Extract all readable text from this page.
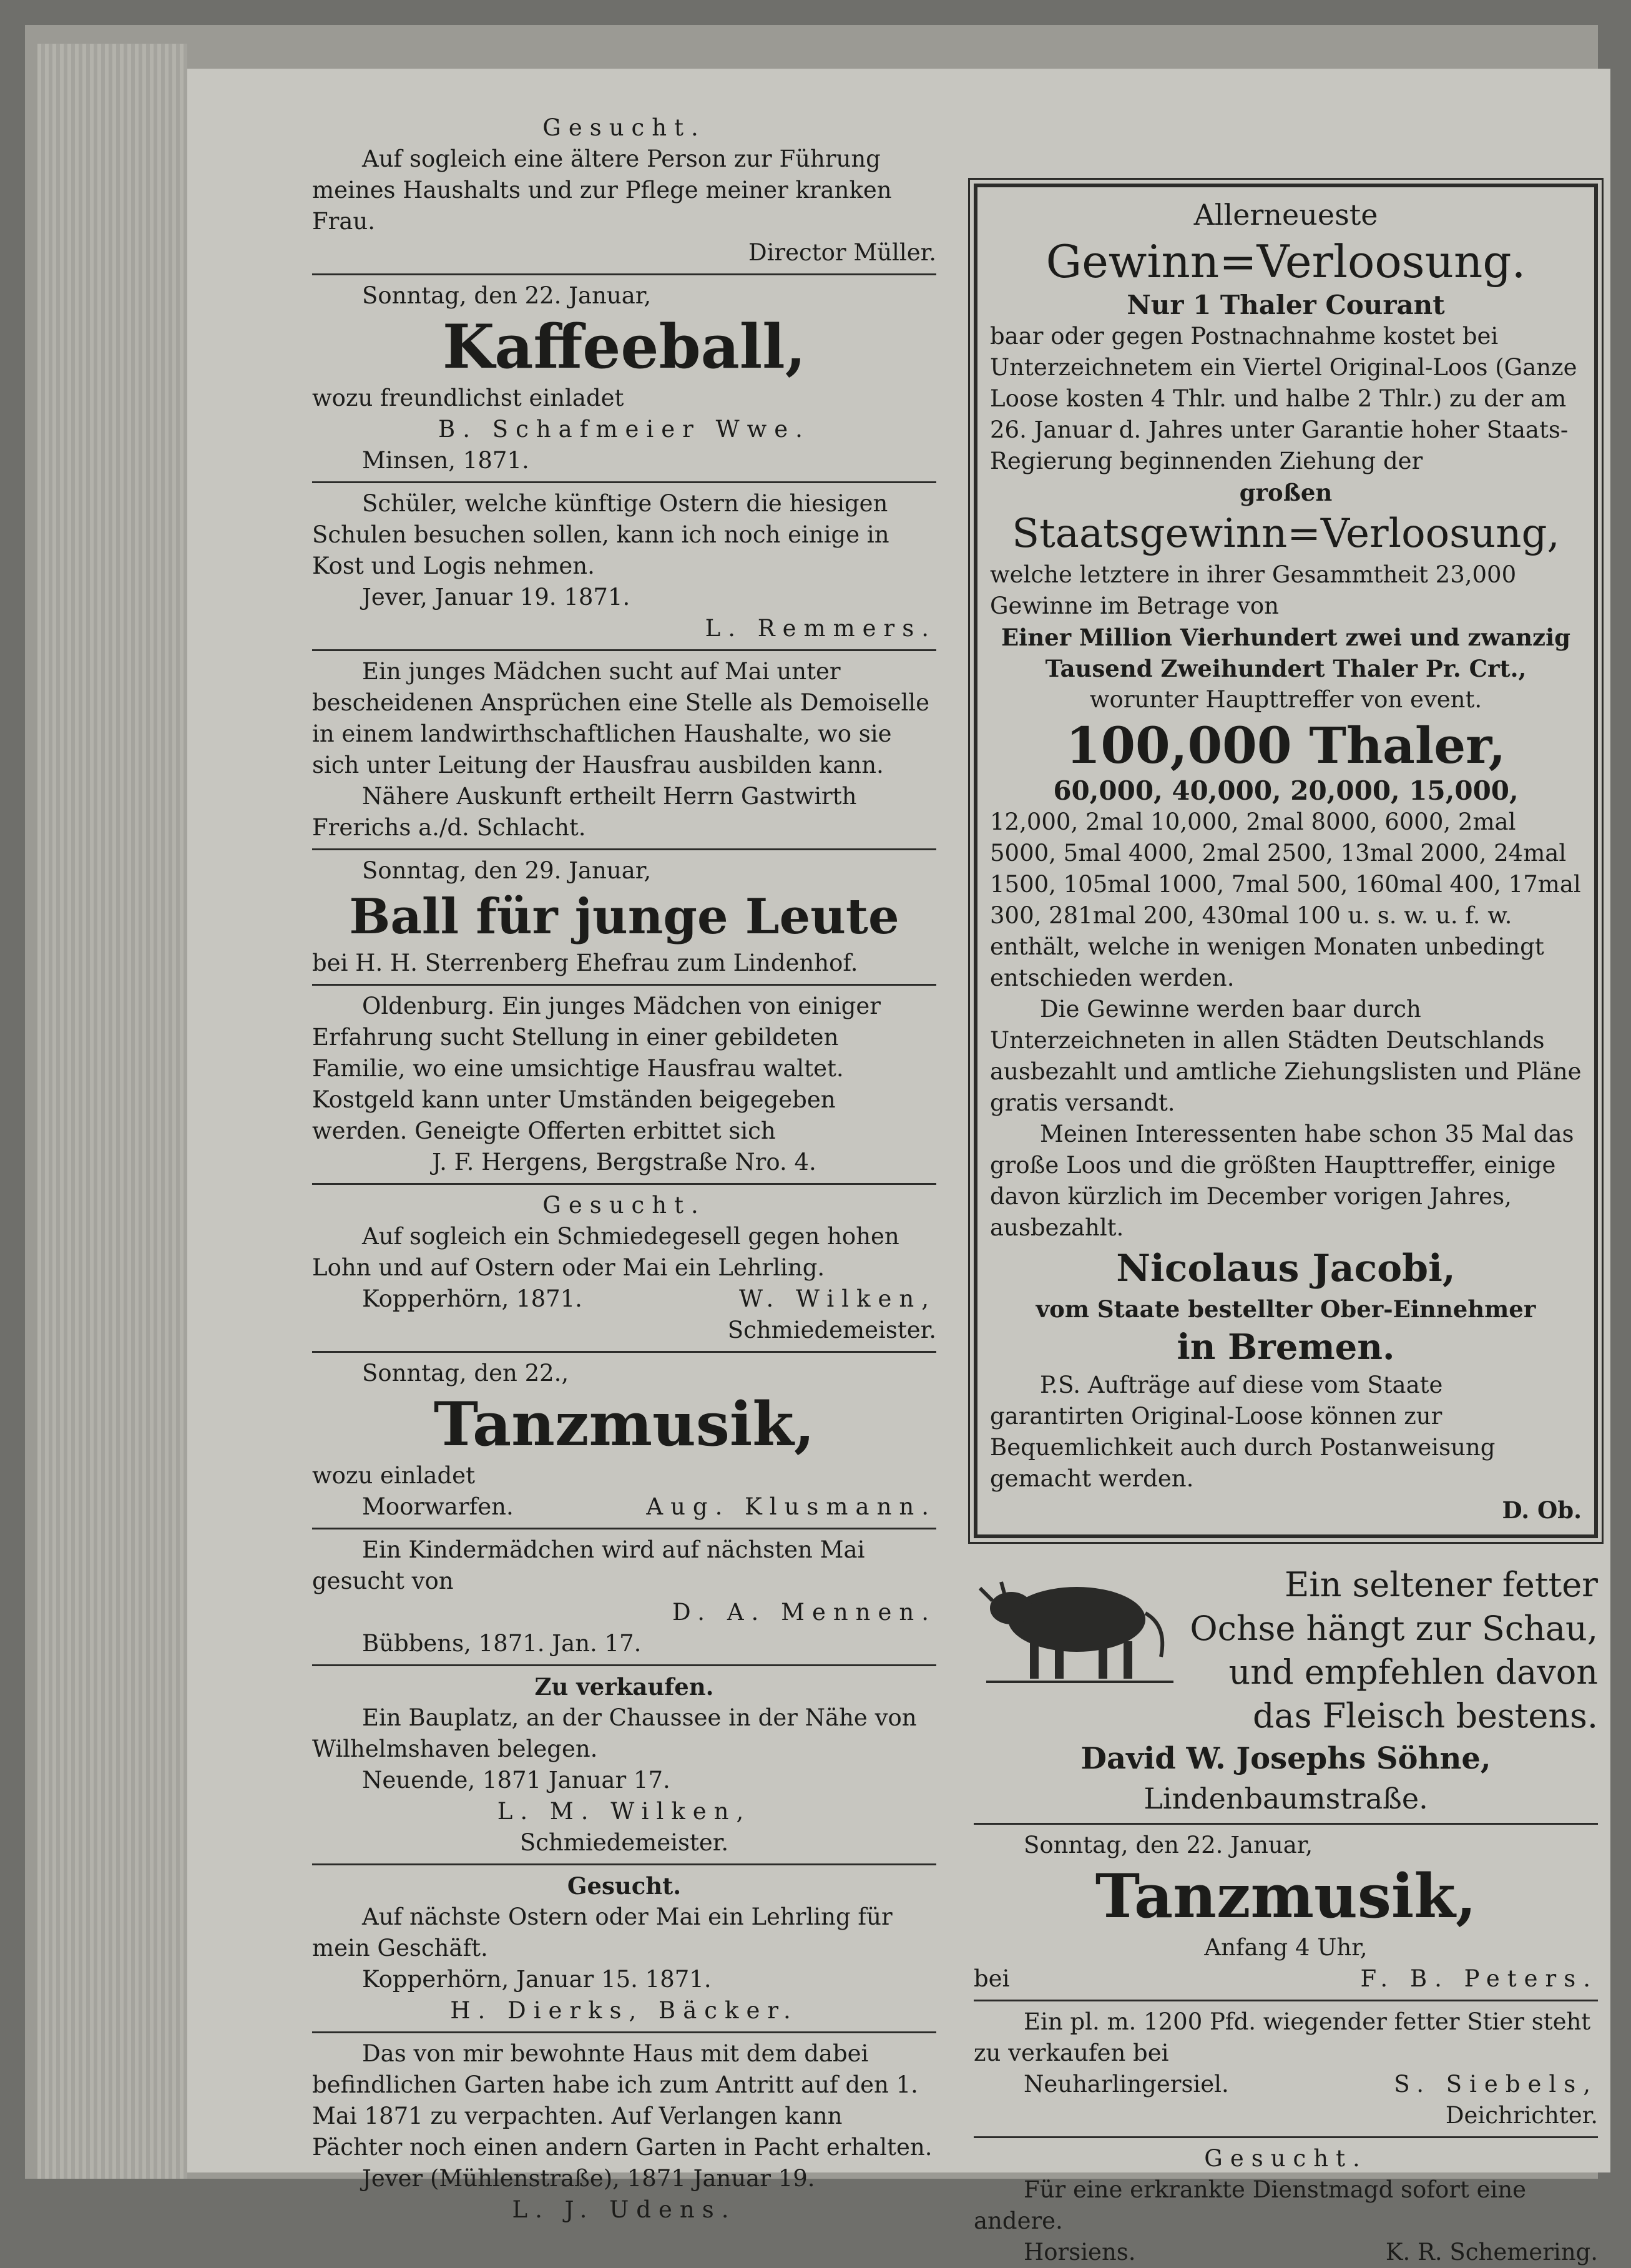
Gesucht.

Auf sogleich eine ältere Person zur Führung meines Haushalts und zur Pflege meiner kranken Frau.

Director Müller.

Sonntag, den 22. Januar,

Kaffeeball,

wozu freundlichst einladet

B. Schafmeier Wwe.

Minsen, 1871.

Schüler, welche künftige Ostern die hiesigen Schulen besuchen sollen, kann ich noch einige in Kost und Logis nehmen.

Jever, Januar 19. 1871.

L. Remmers.

Ein junges Mädchen sucht auf Mai unter bescheidenen Ansprüchen eine Stelle als Demoiselle in einem landwirthschaftlichen Haushalte, wo sie sich unter Leitung der Hausfrau ausbilden kann.

Nähere Auskunft ertheilt Herrn Gastwirth Frerichs a./d. Schlacht.

Sonntag, den 29. Januar,

Ball für junge Leute

bei H. H. Sterrenberg Ehefrau zum Lindenhof.

Oldenburg. Ein junges Mädchen von einiger Erfahrung sucht Stellung in einer gebildeten Familie, wo eine umsichtige Hausfrau waltet. Kostgeld kann unter Umständen beigegeben werden. Geneigte Offerten erbittet sich

J. F. Hergens, Bergstraße Nro. 4.

Gesucht.

Auf sogleich ein Schmiedegesell gegen hohen Lohn und auf Ostern oder Mai ein Lehrling.

Kopperhörn, 1871.	W. Wilken,

Schmiedemeister.

Sonntag, den 22.,

Tanzmusik,

wozu einladet

Moorwarfen.	Aug. Klusmann.

Ein Kindermädchen wird auf nächsten Mai gesucht von

D. A. Mennen.

Bübbens, 1871. Jan. 17.

Zu verkaufen.

Ein Bauplatz, an der Chaussee in der Nähe von Wilhelmshaven belegen.

Neuende, 1871 Januar 17.

L. M. Wilken,

Schmiedemeister.

Gesucht.

Auf nächste Ostern oder Mai ein Lehrling für mein Geschäft.

Kopperhörn, Januar 15. 1871.

H. Dierks, Bäcker.

Das von mir bewohnte Haus mit dem dabei befindlichen Garten habe ich zum Antritt auf den 1. Mai 1871 zu verpachten. Auf Verlangen kann Pächter noch einen andern Garten in Pacht erhalten.

Jever (Mühlenstraße), 1871 Januar 19.

L. J. Udens.

Allerneueste

Gewinn=Verloosung.

Nur 1 Thaler Courant

baar oder gegen Postnachnahme kostet bei Unterzeichnetem ein Viertel Original-Loos (Ganze Loose kosten 4 Thlr. und halbe 2 Thlr.) zu der am 26. Januar d. Jahres unter Garantie hoher Staats-Regierung beginnenden Ziehung der

großen

Staatsgewinn=Verloosung,

welche letztere in ihrer Gesammtheit 23,000 Gewinne im Betrage von

Einer Million Vierhundert zwei und zwanzig Tausend Zweihundert Thaler Pr. Crt.,

worunter Haupttreffer von event.

100,000 Thaler,

60,000, 40,000, 20,000, 15,000,

12,000, 2mal 10,000, 2mal 8000, 6000, 2mal 5000, 5mal 4000, 2mal 2500, 13mal 2000, 24mal 1500, 105mal 1000, 7mal 500, 160mal 400, 17mal 300, 281mal 200, 430mal 100 u. s. w. u. f. w. enthält, welche in wenigen Monaten unbedingt entschieden werden.

Die Gewinne werden baar durch Unterzeichneten in allen Städten Deutschlands ausbezahlt und amtliche Ziehungslisten und Pläne gratis versandt.

Meinen Interessenten habe schon 35 Mal das große Loos und die größten Haupttreffer, einige davon kürzlich im December vorigen Jahres, ausbezahlt.

Nicolaus Jacobi,

vom Staate bestellter Ober-Einnehmer

in Bremen.

P.S. Aufträge auf diese vom Staate garantirten Original-Loose können zur Bequemlichkeit auch durch Postanweisung gemacht werden.

D. Ob.

Ein seltener fetter Ochse hängt zur Schau, und empfehlen davon das Fleisch bestens.

David W. Josephs Söhne,

Lindenbaumstraße.

Sonntag, den 22. Januar,

Tanzmusik,

Anfang 4 Uhr,

bei	F. B. Peters.

Ein pl. m. 1200 Pfd. wiegender fetter Stier steht zu verkaufen bei

Neuharlingersiel.	S. Siebels,

Deichrichter.

Gesucht.

Für eine erkrankte Dienstmagd sofort eine andere.

Horsiens.	K. R. Schemering.
